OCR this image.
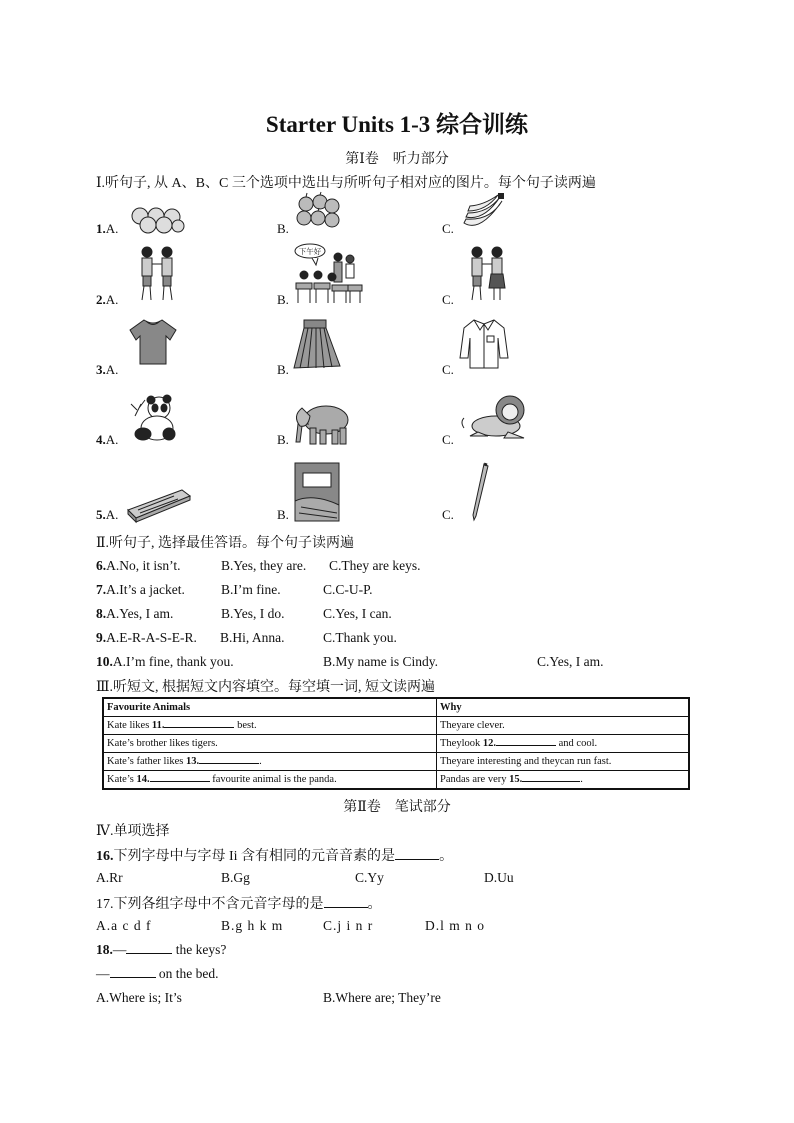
Starter Units 1-3 综合训练
第Ⅰ卷　听力部分
Ⅰ.听句子, 从 A、B、C 三个选项中选出与所听句子相对应的图片。每个句子读两遍
1.A.	B.	C.
2.A.	B.	C.
下午好
3.A.	B.	C.
4.A.	B.	C.
5.A.	B.	C.
Ⅱ.听句子, 选择最佳答语。每个句子读两遍
6.A.No, it isn’t.	B.Yes, they are. C.They are keys.
7.A.It’s a jacket.	B.I’m fine.	C.C-U-P.
8.A.Yes, I am.	B.Yes, I do.	C.Yes, I can.
9.A.E-R-A-S-E-R. B.Hi, Anna.	C.Thank you.
10.A.I’m fine, thank you.	B.My name is Cindy.	C.Yes, I am.
Ⅲ.听短文, 根据短文内容填空。每空填一词, 短文读两遍
Favourite Animals	Why
Kate likes 11. best.	Theyare clever.
Kate’s brother likes tigers.	Theylook 12. and cool.
Kate’s father likes 13. .	Theyare interesting and theycan run fast.
Kate’s 14. favourite animal is the panda.	Pandas are very 15. .
第Ⅱ卷　笔试部分
Ⅳ.单项选择
16.下列字母中与字母 Ii 含有相同的元音音素的是	。
A.Rr	B.Gg	C.Yy	D.Uu
17.下列各组字母中不含元音字母的是	。
A.a c d f	B.g h k m	C.j i n r	D.l m n o
18.—	the keys?
—	on the bed.
A.Where is; It’s	B.Where are; They’re
